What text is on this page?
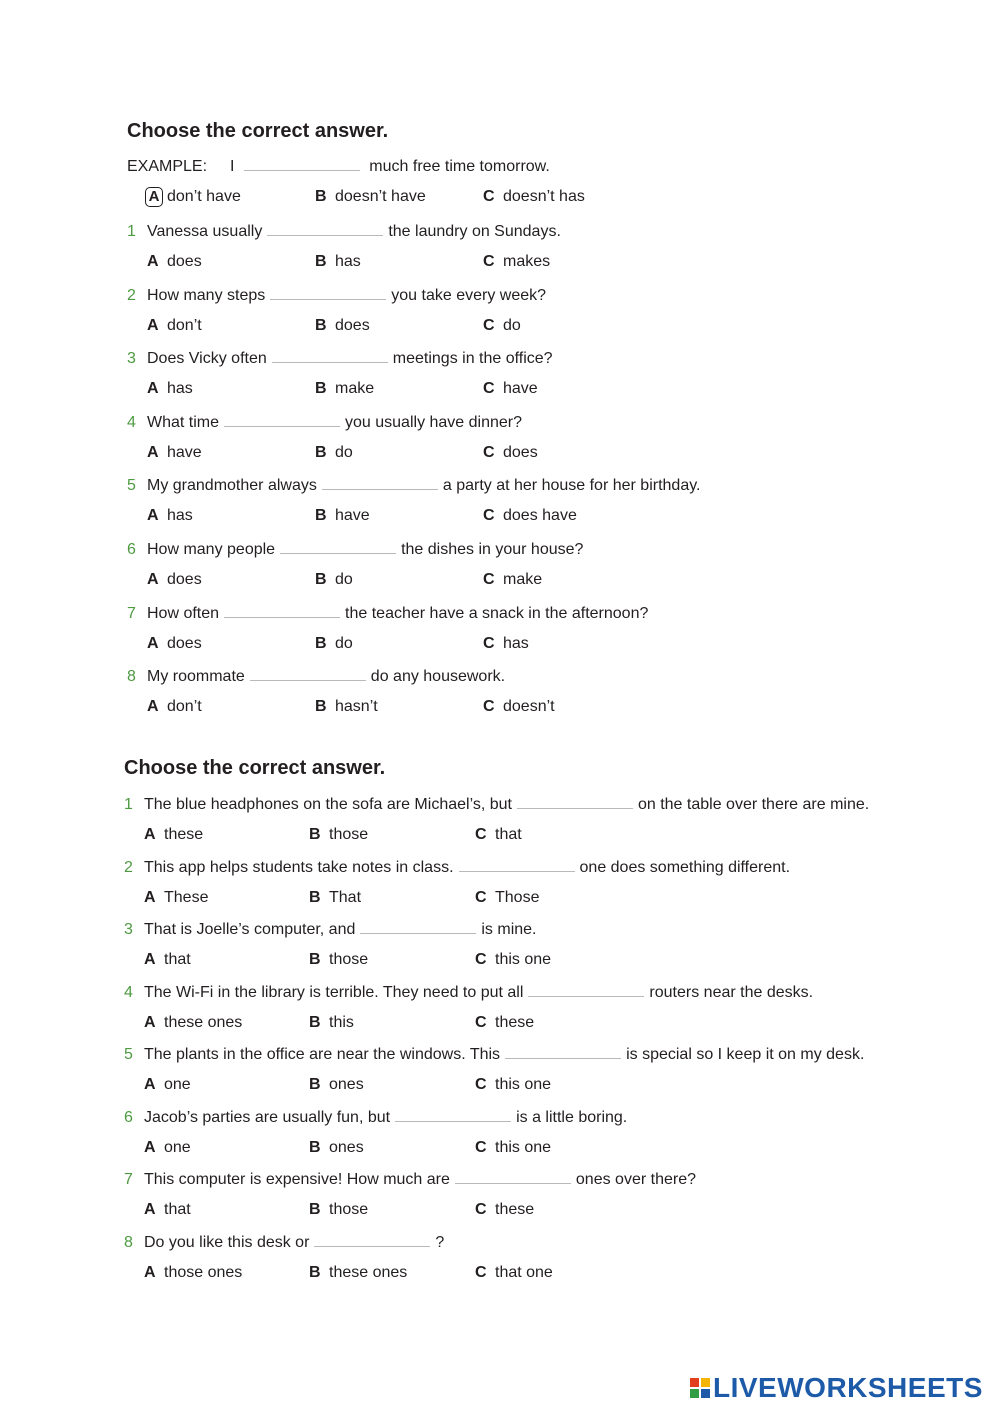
Choose the correct answer.
EXAMPLE: I	much free time tomorrow.
A don’t have	B doesn’t have	C doesn’t has
1 Vanessa usually	the laundry on Sundays.
A does	B has	C makes
2 How many steps	you take every week?
A don’t	B does	C do
3Does Vicky often	meetings in the office?
A has	B make	C have
4 What time	you usually have dinner?
A have	B do	C does
5 My grandmother always	a party at her house for her birthday.
A has	B have	C does have
6 How many people	the dishes in your house?
A does	B do	C make
7 How often	the teacher have a snack in the afternoon?
A does	B do	C has
8 My roommate	do any housework.
A don’t	B hasn’t	C doesn’t
Choose the correct answer.
1 The blue headphones on the sofa are Michael’s, but	on the table over there are mine.
A these	B those	C that
2 This app helps students take notes in class.	one does something different.
A These	B That	C Those
3 That is Joelle’s computer, and	is mine.
A that	B those	C this one
4 The Wi-Fi in the library is terrible. They need to put all	routers near the desks.
A these ones	B this	C these
5 The plants in the office are near the windows. This	is special so I keep it on my desk.
A one	B ones	C this one
6 Jacob’s parties are usually fun, but	is a little boring.
A one	B ones	C this one
7 This computer is expensive! How much are	ones over there?
A that	B those	C these
8 Do you like this desk or	?
A those ones	B these ones	C that one
LIVEWORKSHEETS
